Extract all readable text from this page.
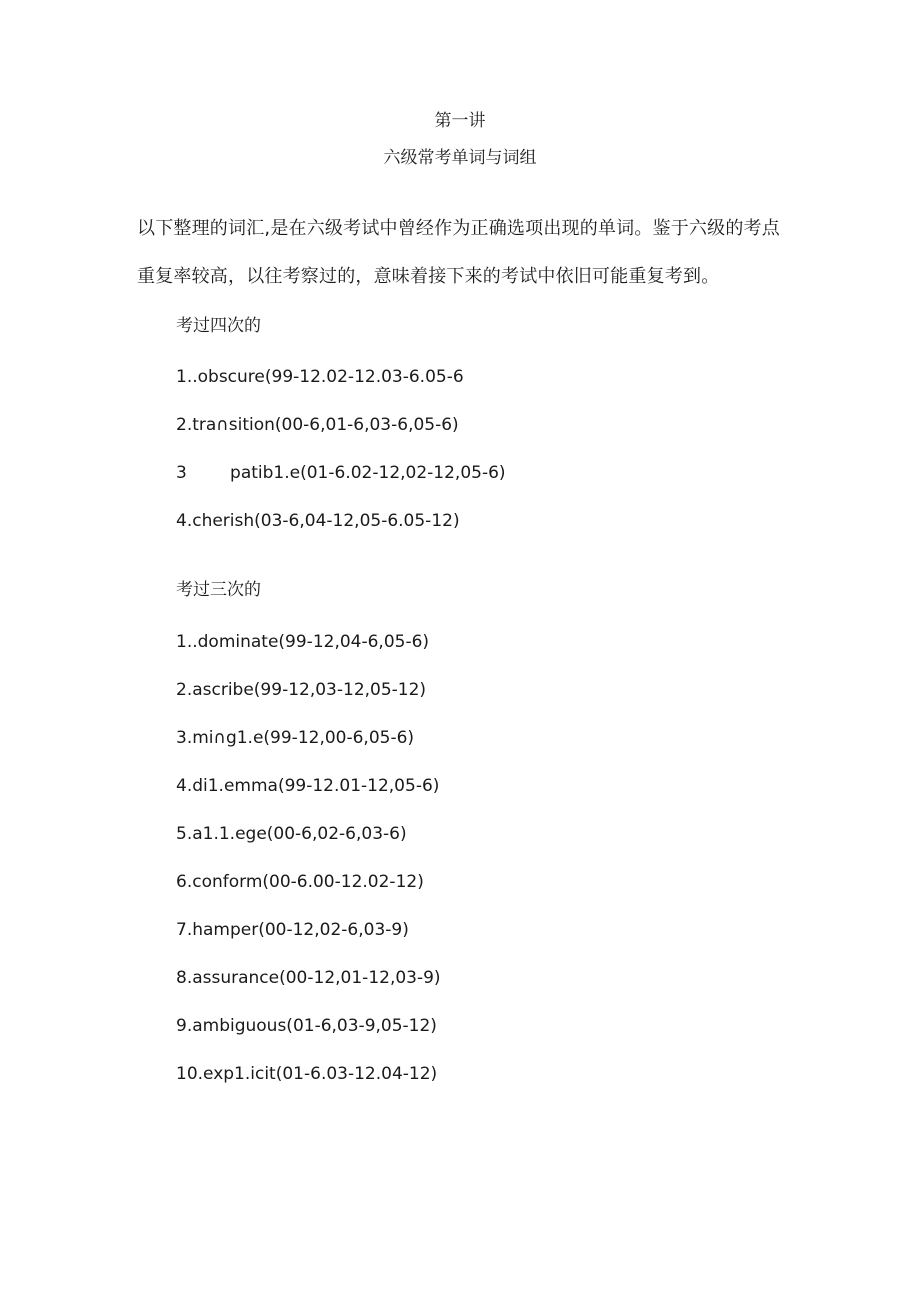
第一讲
六级常考单词与词组
以下整理的词汇,是在六级考试中曾经作为正确选项出现的单词。鉴于六级的考点
重复率较高，以往考察过的，意味着接下来的考试中依旧可能重复考到。
考过四次的
1..obscure(99-12.02-12.03-6.05-6
2.tra∩sition(00-6,01-6,03-6,05-6)
3        patib1.e(01-6.02-12,02-12,05-6)
4.cherish(03-6,04-12,05-6.05-12)
考过三次的
1..dominate(99-12,04-6,05-6)
2.ascribe(99-12,03-12,05-12)
3.mi∩g1.e(99-12,00-6,05-6)
4.di1.emma(99-12.01-12,05-6)
5.a1.1.ege(00-6,02-6,03-6)
6.conform(00-6.00-12.02-12)
7.hamper(00-12,02-6,03-9)
8.assurance(00-12,01-12,03-9)
9.ambiguous(01-6,03-9,05-12)
10.exp1.icit(01-6.03-12.04-12)
